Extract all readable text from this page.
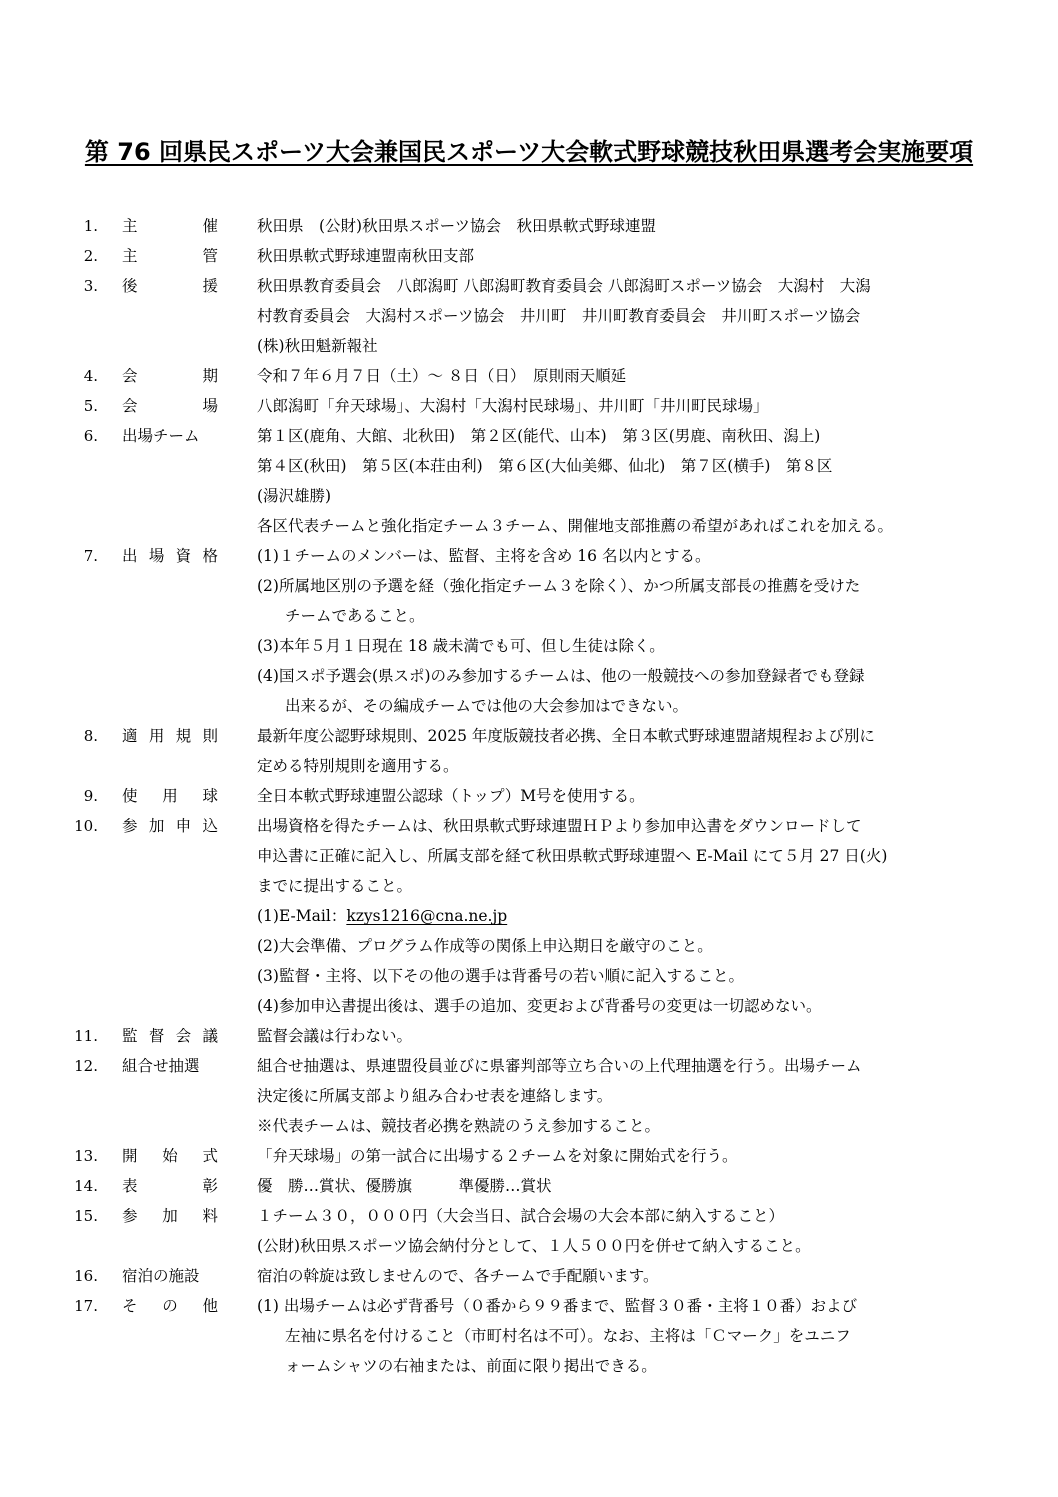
第 76 回県民スポーツ大会兼国民スポーツ大会軟式野球競技秋田県選考会実施要項
1. 主	催	秋田県　(公財)秋田県スポーツ協会　秋田県軟式野球連盟
2. 主	管	秋田県軟式野球連盟南秋田支部
3. 後	援	秋田県教育委員会　八郎潟町 八郎潟町教育委員会 八郎潟町スポーツ協会　大潟村　大潟
村教育委員会　大潟村スポーツ協会　井川町　井川町教育委員会　井川町スポーツ協会
(株)秋田魁新報社
4. 会	期	令和７年６月７日（土）～ ８日（日）　原則雨天順延
5. 会	場	八郎潟町「弁天球場」、大潟村「大潟村民球場」、井川町「井川町民球場」
6. 出場チーム	第１区(鹿角、大館、北秋田)　第２区(能代、山本)　第３区(男鹿、南秋田、潟上)
第４区(秋田)　第５区(本荘由利)　第６区(大仙美郷、仙北)　第７区(横手)　第８区
(湯沢雄勝)
各区代表チームと強化指定チーム３チーム、開催地支部推薦の希望があればこれを加える。
7. 出 場 資 格	(1)１チームのメンバーは、監督、主将を含め 16 名以内とする。
(2)所属地区別の予選を経（強化指定チーム３を除く）、かつ所属支部長の推薦を受けた
チームであること。
(3)本年５月１日現在 18 歳未満でも可、但し生徒は除く。
(4)国スポ予選会(県スポ)のみ参加するチームは、他の一般競技への参加登録者でも登録
出来るが、その編成チームでは他の大会参加はできない。
8. 適 用 規 則	最新年度公認野球規則、2025 年度版競技者必携、全日本軟式野球連盟諸規程および別に
定める特別規則を適用する。
9. 使 用 球	全日本軟式野球連盟公認球（トップ）M号を使用する。
10. 参 加 申 込	出場資格を得たチームは、秋田県軟式野球連盟ＨＰより参加申込書をダウンロードして
申込書に正確に記入し、所属支部を経て秋田県軟式野球連盟へ E-Mail にて５月 27 日(火)
までに提出すること。
(1)E-Mail：kzys1216@cna.ne.jp
(2)大会準備、プログラム作成等の関係上申込期日を厳守のこと。
(3)監督・主将、以下その他の選手は背番号の若い順に記入すること。
(4)参加申込書提出後は、選手の追加、変更および背番号の変更は一切認めない。
11. 監 督 会 議	監督会議は行わない。
12. 組合せ抽選	組合せ抽選は、県連盟役員並びに県審判部等立ち合いの上代理抽選を行う。出場チーム
決定後に所属支部より組み合わせ表を連絡します。
※代表チームは、競技者必携を熟読のうえ参加すること。
13. 開 始 式	「弁天球場」の第一試合に出場する２チームを対象に開始式を行う。
14. 表	彰	優　勝…賞状、優勝旗　　　準優勝…賞状
15. 参 加 料	１チーム３０，０００円（大会当日、試合会場の大会本部に納入すること）
(公財)秋田県スポーツ協会納付分として、１人５００円を併せて納入すること。
16. 宿泊の施設	宿泊の斡旋は致しませんので、各チームで手配願います。
17. そ の 他	(1) 出場チームは必ず背番号（０番から９９番まで、監督３０番・主将１０番）および
左袖に県名を付けること（市町村名は不可）。なお、主将は「Ｃマーク」をユニフ
ォームシャツの右袖または、前面に限り掲出できる。
